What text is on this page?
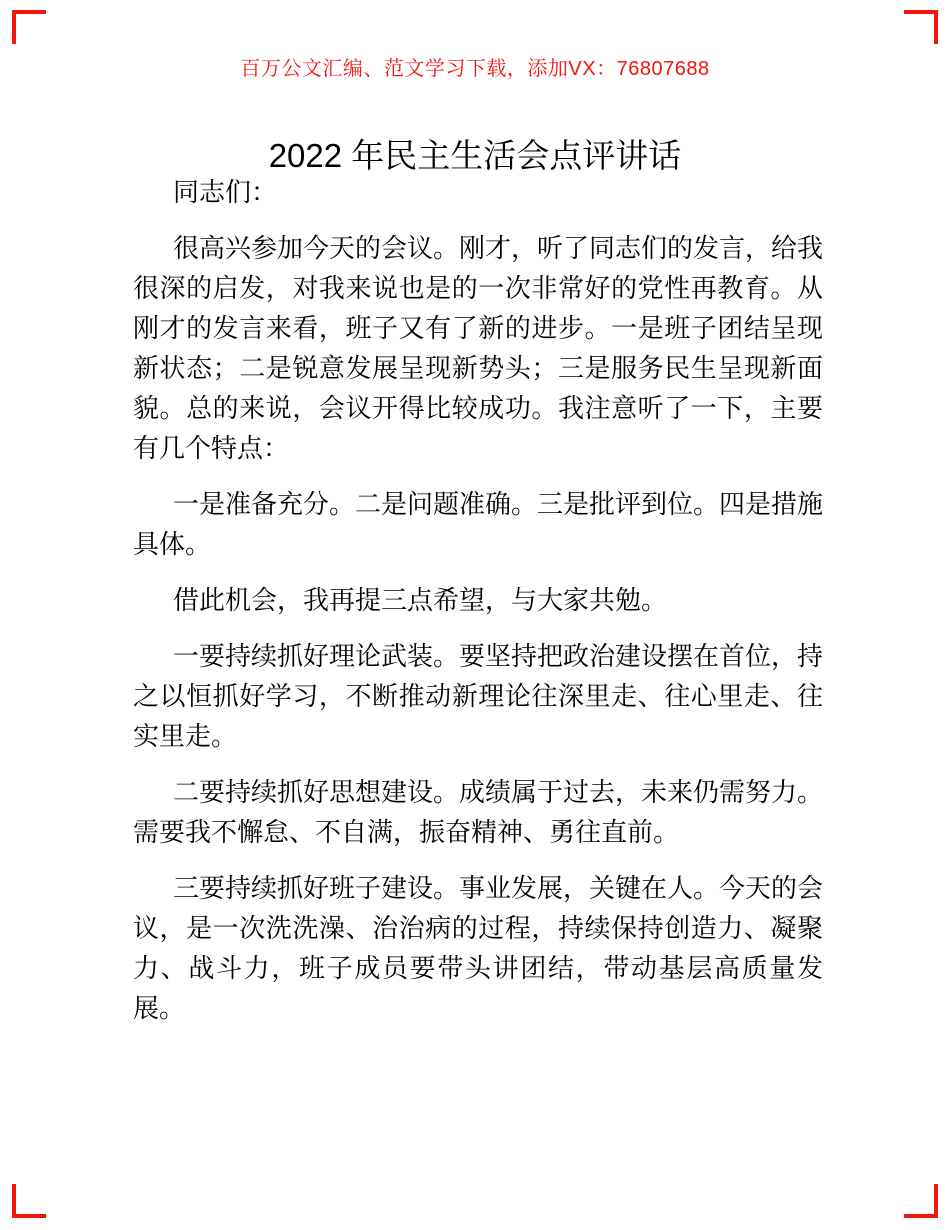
百万公文汇编、范文学习下载，添加VX：76807688
2022 年民主生活会点评讲话

同志们：

很高兴参加今天的会议。刚才，听了同志们的发言，给我很深的启发，对我来说也是的一次非常好的党性再教育。从刚才的发言来看，班子又有了新的进步。一是班子团结呈现新状态；二是锐意发展呈现新势头；三是服务民生呈现新面貌。总的来说，会议开得比较成功。我注意听了一下，主要有几个特点：

一是准备充分。二是问题准确。三是批评到位。四是措施具体。

借此机会，我再提三点希望，与大家共勉。

一要持续抓好理论武装。要坚持把政治建设摆在首位，持之以恒抓好学习，不断推动新理论往深里走、往心里走、往实里走。

二要持续抓好思想建设。成绩属于过去，未来仍需努力。需要我不懈怠、不自满，振奋精神、勇往直前。

三要持续抓好班子建设。事业发展，关键在人。今天的会议，是一次洗洗澡、治治病的过程，持续保持创造力、凝聚力、战斗力，班子成员要带头讲团结，带动基层高质量发展。
